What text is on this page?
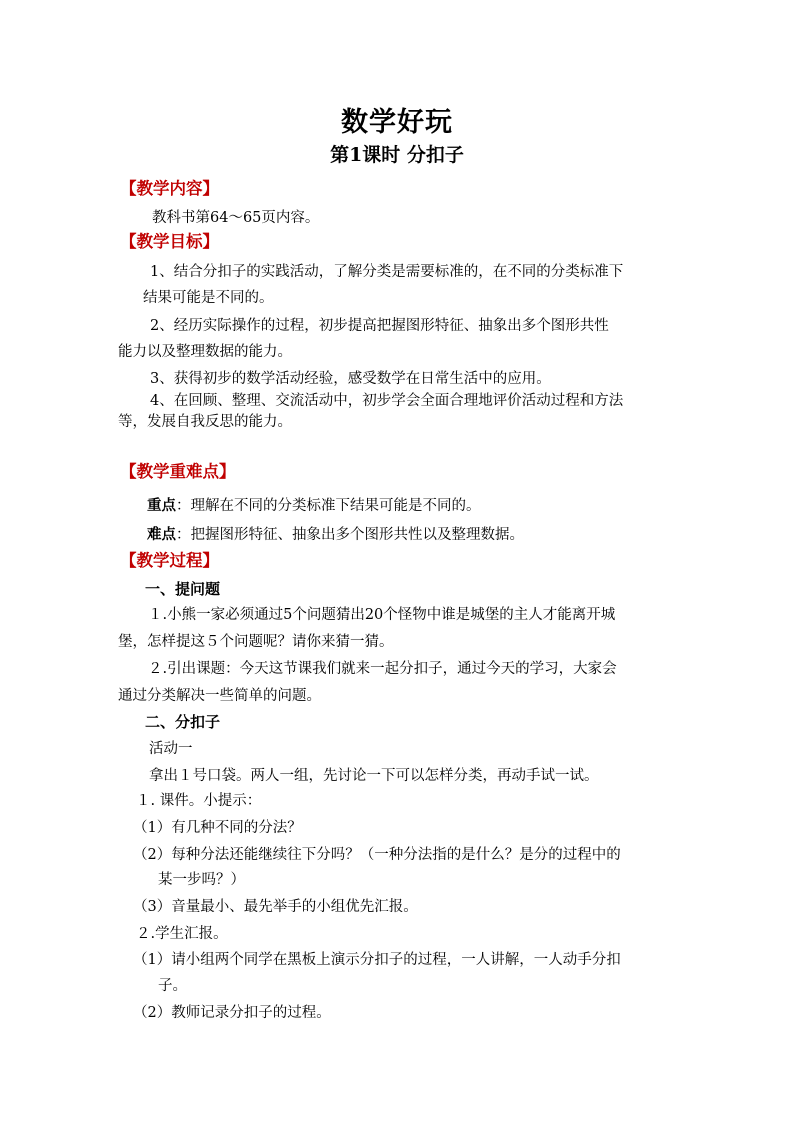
数学好玩
第1课时 分扣子
【教学内容】
教科书第64～65页内容。
【教学目标】
1、结合分扣子的实践活动，了解分类是需要标准的，在不同的分类标准下
结果可能是不同的。
2、经历实际操作的过程，初步提高把握图形特征、抽象出多个图形共性
能力以及整理数据的能力。
3、获得初步的数学活动经验，感受数学在日常生活中的应用。
4、在回顾、整理、交流活动中，初步学会全面合理地评价活动过程和方法
等，发展自我反思的能力。
【教学重难点】
重点：理解在不同的分类标准下结果可能是不同的。
难点：把握图形特征、抽象出多个图形共性以及整理数据。
【教学过程】
一、提问题
１.小熊一家必须通过5个问题猜出20个怪物中谁是城堡的主人才能离开城
堡，怎样提这５个问题呢？请你来猜一猜。
２.引出课题：今天这节课我们就来一起分扣子，通过今天的学习，大家会
通过分类解决一些简单的问题。
二、分扣子
活动一
拿出１号口袋。两人一组，先讨论一下可以怎样分类，再动手试一试。
１. 课件。小提示：
（1）有几种不同的分法？
（2）每种分法还能继续往下分吗？（一种分法指的是什么？是分的过程中的
某一步吗？）
（3）音量最小、最先举手的小组优先汇报。
２.学生汇报。
（1）请小组两个同学在黑板上演示分扣子的过程，一人讲解，一人动手分扣
子。
（2）教师记录分扣子的过程。
